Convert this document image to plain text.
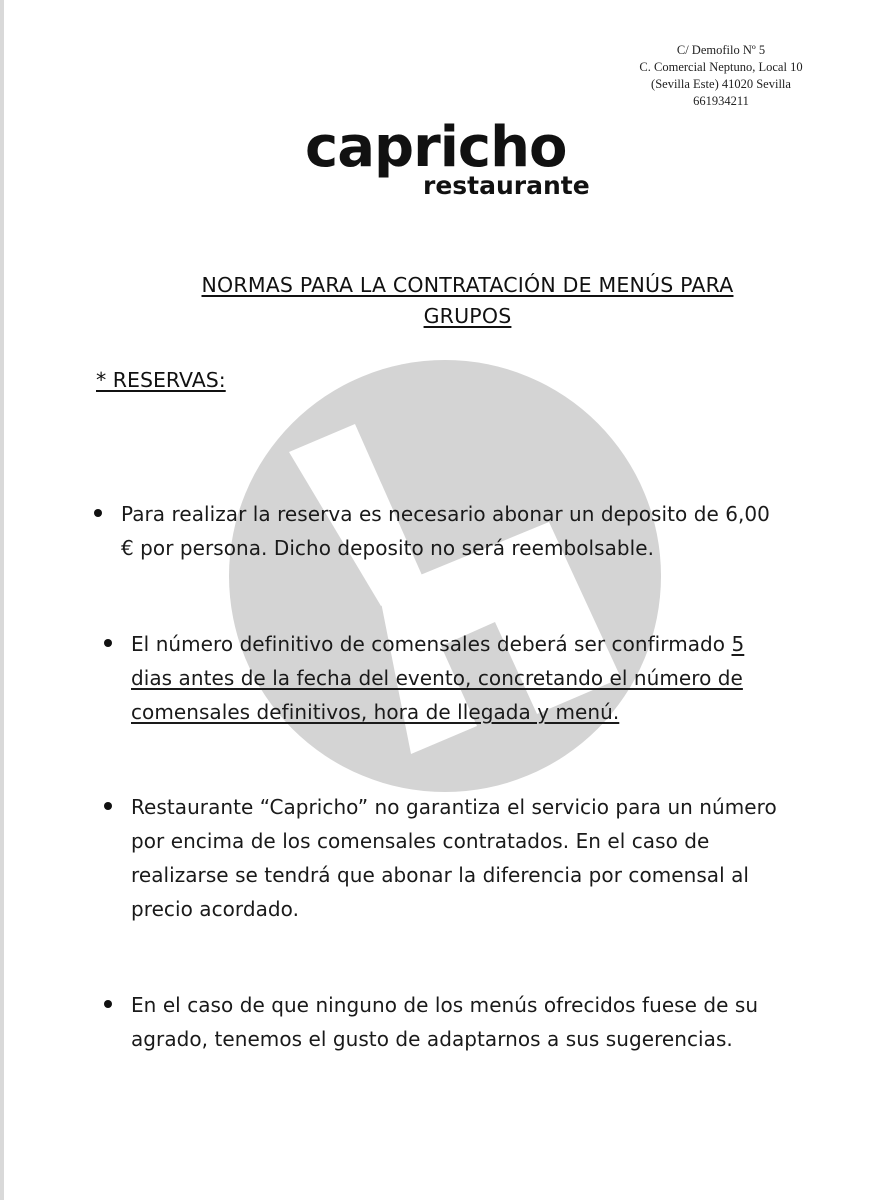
C/ Demofilo Nº 5
C. Comercial Neptuno, Local 10
(Sevilla Este) 41020 Sevilla
661934211
capricho
restaurante
NORMAS PARA LA CONTRATACIÓN DE MENÚS PARA
GRUPOS
* RESERVAS:
Para realizar la reserva es necesario abonar un deposito de 6,00
€ por persona. Dicho deposito no será reembolsable.
El número definitivo de comensales deberá ser confirmado 5
dias antes de la fecha del evento, concretando el número de
comensales definitivos, hora de llegada y menú.
Restaurante “Capricho” no garantiza el servicio para un número
por encima de los comensales contratados. En el caso de
realizarse se tendrá que abonar la diferencia por comensal al
precio acordado.
En el caso de que ninguno de los menús ofrecidos fuese de su
agrado, tenemos el gusto de adaptarnos a sus sugerencias.
